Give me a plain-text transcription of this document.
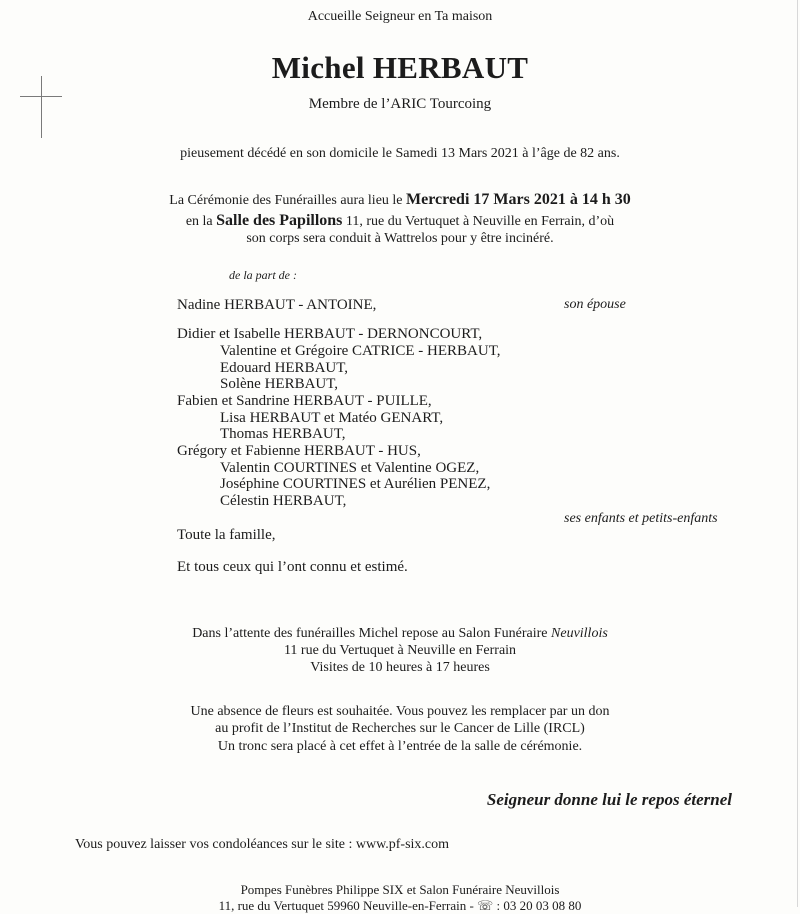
Accueille Seigneur en Ta maison
Michel HERBAUT
Membre de l’ARIC Tourcoing
pieusement décédé en son domicile le Samedi 13 Mars 2021 à l’âge de 82 ans.
La Cérémonie des Funérailles aura lieu le Mercredi 17 Mars 2021 à 14 h 30
en la Salle des Papillons 11, rue du Vertuquet à Neuville en Ferrain, d’où
son corps sera conduit à Wattrelos pour y être incinéré.
de la part de :
Nadine HERBAUT - ANTOINE,	son épouse
Didier et Isabelle HERBAUT - DERNONCOURT,
Valentine et Grégoire CATRICE - HERBAUT,
Edouard HERBAUT,
Solène HERBAUT,
Fabien et Sandrine HERBAUT - PUILLE,
Lisa HERBAUT et Matéo GENART,
Thomas HERBAUT,
Grégory et Fabienne HERBAUT - HUS,
Valentin COURTINES et Valentine OGEZ,
Joséphine COURTINES et Aurélien PENEZ,
Célestin HERBAUT,
ses enfants et petits-enfants
Toute la famille,
Et tous ceux qui l’ont connu et estimé.
Dans l’attente des funérailles Michel repose au Salon Funéraire Neuvillois
11 rue du Vertuquet à Neuville en Ferrain
Visites de 10 heures à 17 heures
Une absence de fleurs est souhaitée. Vous pouvez les remplacer par un don
au profit de l’Institut de Recherches sur le Cancer de Lille (IRCL)
Un tronc sera placé à cet effet à l’entrée de la salle de cérémonie.
Seigneur donne lui le repos éternel
Vous pouvez laisser vos condoléances sur le site : www.pf-six.com
Pompes Funèbres Philippe SIX et Salon Funéraire Neuvillois
11, rue du Vertuquet 59960 Neuville-en-Ferrain - ☏ : 03 20 03 08 80
